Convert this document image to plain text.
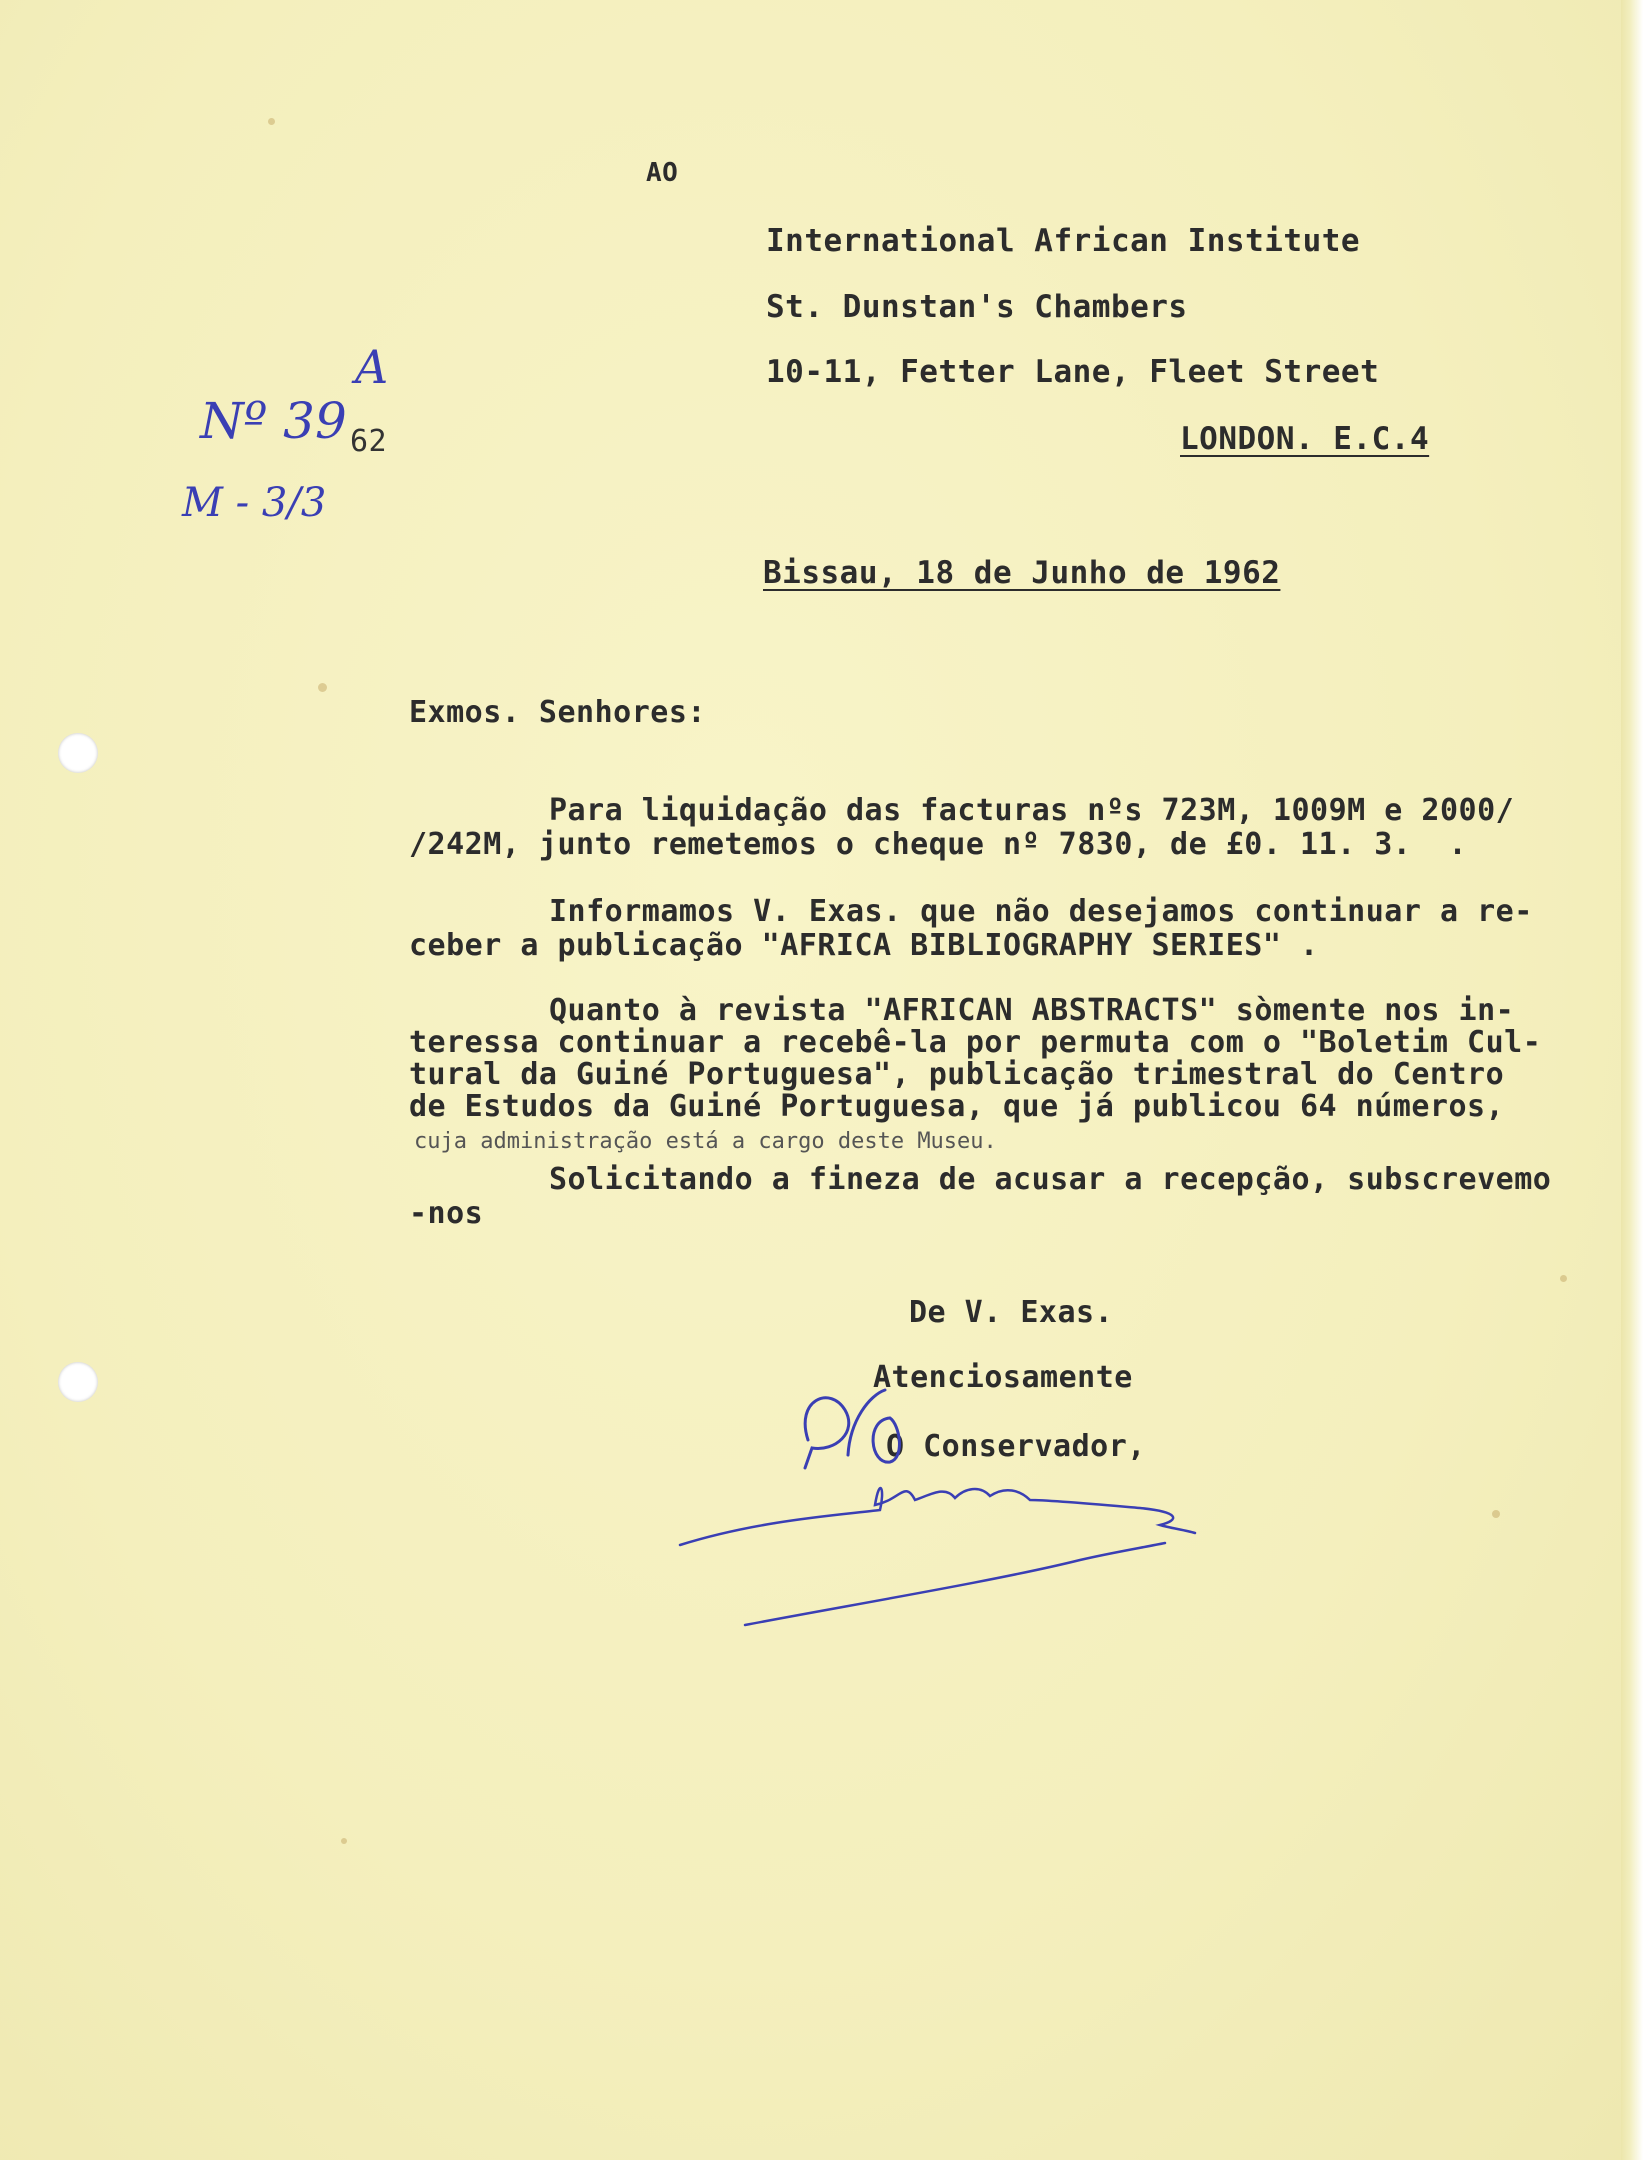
AO
International African Institute
St. Dunstan's Chambers
10-11, Fetter Lane, Fleet Street
LONDON. E.C.4
Nº 39
A
62
M - 3/3
Bissau, 18 de Junho de 1962
Exmos. Senhores:
Para liquidação das facturas nºs 723M, 1009M e 2000/
/242M, junto remetemos o cheque nº 7830, de £0. 11. 3.  .
Informamos V. Exas. que não desejamos continuar a re-
ceber a publicação "AFRICA BIBLIOGRAPHY SERIES" .
Quanto à revista "AFRICAN ABSTRACTS" sòmente nos in-
teressa continuar a recebê-la por permuta com o "Boletim Cul-
tural da Guiné Portuguesa", publicação trimestral do Centro
de Estudos da Guiné Portuguesa, que já publicou 64 números,
cuja administração está a cargo deste Museu.
Solicitando a fineza de acusar a recepção, subscrevemo
-nos
De V. Exas.
Atenciosamente
O Conservador,
